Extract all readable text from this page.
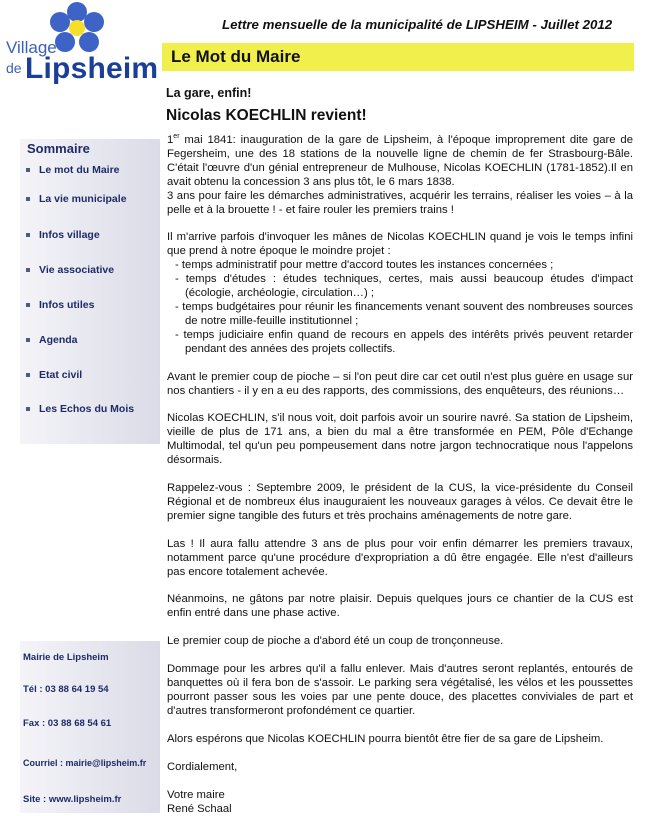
Village
de Lipsheim
Lettre mensuelle de la municipalité de LIPSHEIM - Juillet 2012
Le Mot du Maire
La gare, enfin!
Nicolas KOECHLIN revient!
Sommaire
Le mot du Maire
La vie municipale
Infos village
Vie associative
Infos utiles
Agenda
Etat civil
Les Echos du Mois
Mairie de Lipsheim
Tél : 03 88 64 19 54
Fax : 03 88 68 54 61
Courriel : mairie@lipsheim.fr
Site : www.lipsheim.fr

1er mai 1841: inauguration de la gare de Lipsheim, à l'époque improprement dite gare de Fegersheim, une des 18 stations de la nouvelle ligne de chemin de fer Strasbourg-Bâle. C'était l'œuvre d'un génial entrepreneur de Mulhouse, Nicolas KOECHLIN (1781-1852).Il en avait obtenu la concession 3 ans plus tôt, le 6 mars 1838.

3 ans pour faire les démarches administratives, acquérir les terrains, réaliser les voies – à la pelle et à la brouette ! - et faire rouler les premiers trains !

Il m'arrive parfois d'invoquer les mânes de Nicolas KOECHLIN quand je vois le temps infini que prend à notre époque le moindre projet :

- temps administratif pour mettre d'accord toutes les instances concernées ;
- temps d'études : études techniques, certes, mais aussi beaucoup études d'impact (écologie, archéologie, circulation…) ;
- temps budgétaires pour réunir les financements venant souvent des nombreuses sources de notre mille-feuille institutionnel ;
- temps judiciaire enfin quand de recours en appels des intérêts privés peuvent retarder pendant des années des projets collectifs.

Avant le premier coup de pioche – si l'on peut dire car cet outil n'est plus guère en usage sur nos chantiers - il y en a eu des rapports, des commissions, des enquêteurs, des réunions…

Nicolas KOECHLIN, s'il nous voit, doit parfois avoir un sourire navré. Sa station de Lipsheim, vieille de plus de 171 ans, a bien du mal a être transformée en PEM, Pôle d'Echange Multimodal, tel qu'un peu pompeusement dans notre jargon technocratique nous l'appelons désormais.

Rappelez-vous : Septembre 2009, le président de la CUS, la vice-présidente du Conseil Régional et de nombreux élus inauguraient les nouveaux garages à vélos. Ce devait être le premier signe tangible des futurs et très prochains aménagements de notre gare.

Las ! Il aura fallu attendre 3 ans de plus pour voir enfin démarrer les premiers travaux, notamment parce qu'une procédure d'expropriation a dû être engagée. Elle n'est d'ailleurs pas encore totalement achevée.

Néanmoins, ne gâtons par notre plaisir. Depuis quelques jours ce chantier de la CUS est enfin entré dans une phase active.

Le premier coup de pioche a d'abord été un coup de tronçonneuse.

Dommage pour les arbres qu'il a fallu enlever. Mais d'autres seront replantés, entourés de banquettes où il fera bon de s'assoir. Le parking sera végétalisé, les vélos et les poussettes pourront passer sous les voies par une pente douce, des placettes conviviales de part et d'autres transformeront profondément ce quartier.

Alors espérons que Nicolas KOECHLIN pourra bientôt être fier de sa gare de Lipsheim.

Cordialement,

Votre maire

René Schaal
